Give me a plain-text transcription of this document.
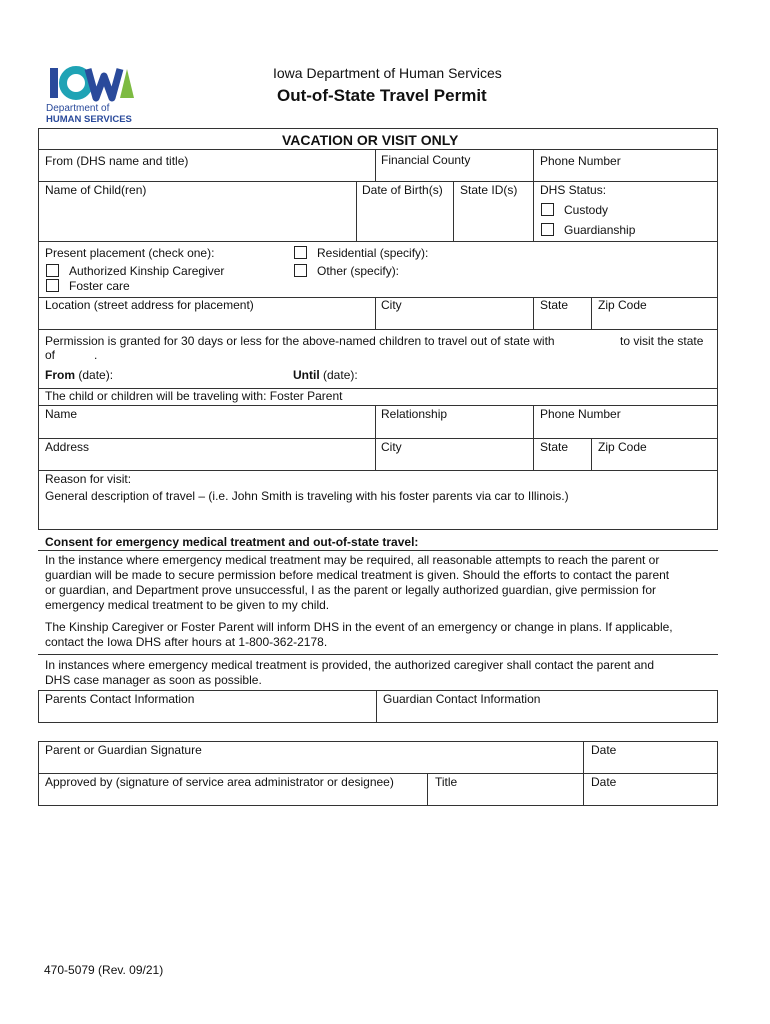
Department of
HUMAN SERVICES
Iowa Department of Human Services
Out-of-State Travel Permit
VACATION OR VISIT ONLY
From (DHS name and title)	Financial County	Phone Number
Name of Child(ren)	Date of Birth(s) State ID(s) DHS Status:
Custody
Guardianship
Present placement (check one):
Authorized Kinship Caregiver
Foster care
Residential (specify):
Other (specify):
Location (street address for placement)	City	State Zip Code
Permission is granted for 30 days or less for the above-named children to travel out of state with	to visit the state
of	.
From (date):	Until (date):
The child or children will be traveling with: Foster Parent
Name	Relationship	Phone Number
Address	City	State Zip Code
Reason for visit:
General description of travel – (i.e. John Smith is traveling with his foster parents via car to Illinois.)
Consent for emergency medical treatment and out-of-state travel:
In the instance where emergency medical treatment may be required, all reasonable attempts to reach the parent or
guardian will be made to secure permission before medical treatment is given. Should the efforts to contact the parent
or guardian, and Department prove unsuccessful, I as the parent or legally authorized guardian, give permission for
emergency medical treatment to be given to my child.
The Kinship Caregiver or Foster Parent will inform DHS in the event of an emergency or change in plans. If applicable,
contact the Iowa DHS after hours at 1-800-362-2178.
In instances where emergency medical treatment is provided, the authorized caregiver shall contact the parent and
DHS case manager as soon as possible.
Parents Contact Information	Guardian Contact Information
Parent or Guardian Signature	Date
Approved by (signature of service area administrator or designee)	Title	Date
470-5079 (Rev. 09/21)
